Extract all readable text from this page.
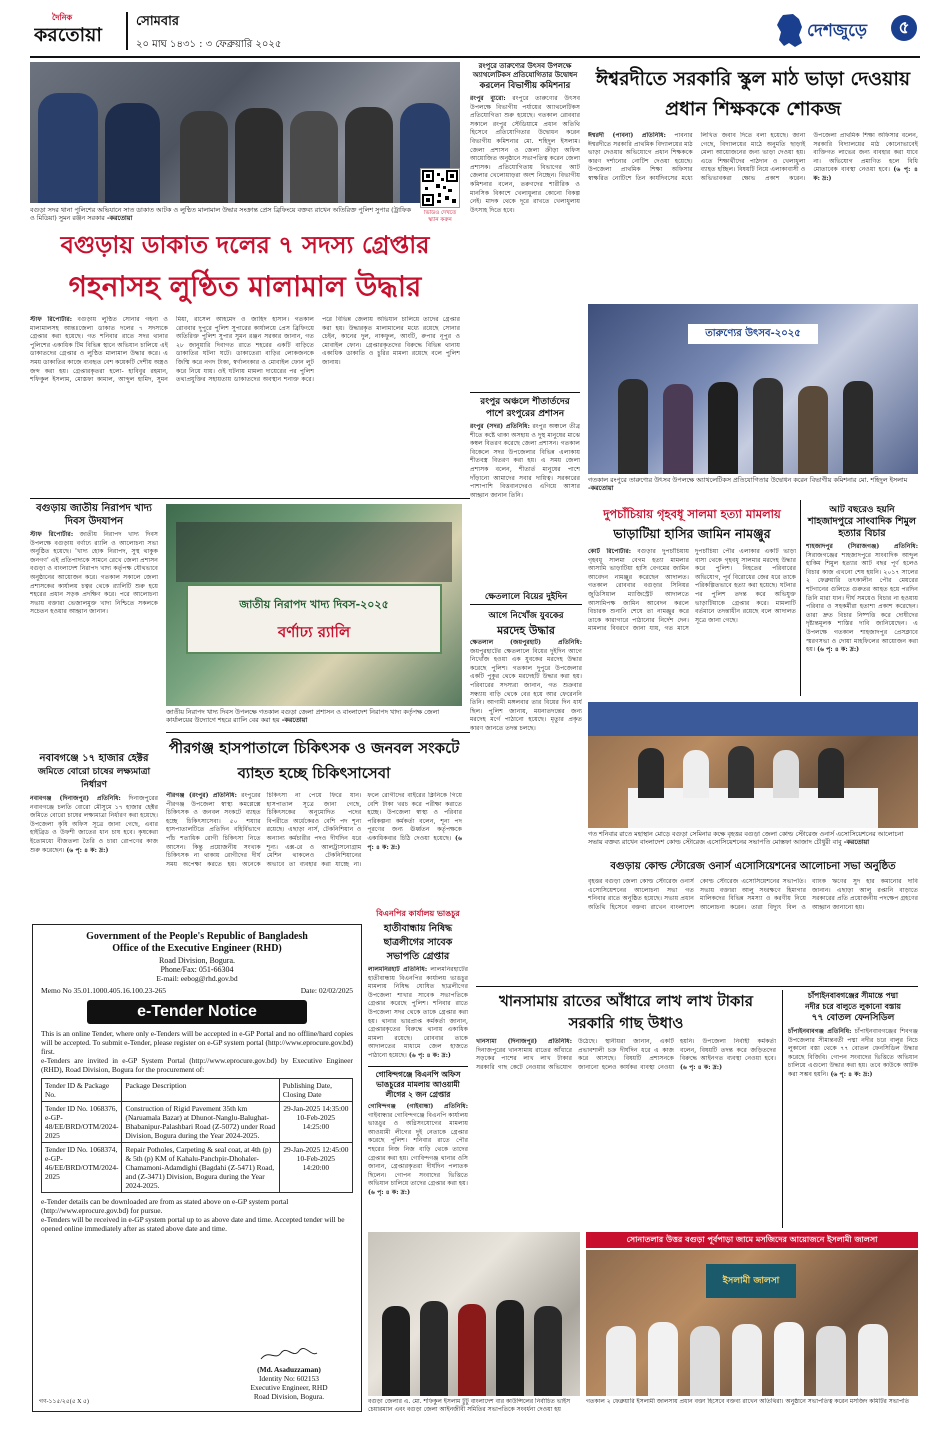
দৈনিক
করতোয়া
সোমবার
২০ মাঘ ১৪৩১ : ৩ ফেব্রুয়ারি ২০২৫
দেশজুড়ে	৫
ভিডিও দেখতে স্ক্যান করুন
বগুড়া সদর থানা পুলিশের অভিযানে সাত ডাকাত আটক ও লুণ্ঠিত মালামাল উদ্ধার সংক্রান্ত প্রেস ব্রিফিংয়ে বক্তব্য রাখেন অতিরিক্ত পুলিশ সুপার (ট্রাফিক ও মিডিয়া) সুমন রঞ্জন সরকার -করতোয়া
বগুড়ায় ডাকাত দলের ৭ সদস্য গ্রেপ্তার
গহনাসহ লুণ্ঠিত মালামাল উদ্ধার
স্টাফ রিপোর্টার: বগুড়ায় লুণ্ঠিত সোনার গহনা ও মালামালসহ আন্তঃজেলা ডাকাত দলের ৭ সদস্যকে গ্রেপ্তার করা হয়েছে। গত শনিবার রাতে সদর থানার পুলিশের একাধিক টিম বিভিন্ন স্থানে অভিযান চালিয়ে এই ডাকাতদের গ্রেপ্তার ও লুণ্ঠিত মালামাল উদ্ধার করে। এ সময় ডাকাতির কাজে ব্যবহৃত বেশ কয়েকটি দেশীয় অস্ত্রও জব্দ করা হয়। গ্রেপ্তারকৃতরা হলো- হাবিবুর রহমান, শফিকুল ইসলাম, মোস্তফা কামাল, আব্দুল হামিদ, সুমন মিয়া, রাসেল আহমেদ ও জাহিদ হাসান। গতকাল রোববার দুপুরে পুলিশ সুপারের কার্যালয়ে প্রেস ব্রিফিংয়ে অতিরিক্ত পুলিশ সুপার সুমন রঞ্জন সরকার জানান, গত ২৮ জানুয়ারি দিবাগত রাতে শহরের একটি বাড়িতে ডাকাতির ঘটনা ঘটে। ডাকাতেরা বাড়ির লোকজনকে জিম্মি করে নগদ টাকা, স্বর্ণালংকার ও মোবাইল ফোন লুট করে নিয়ে যায়। ওই ঘটনায় মামলা দায়েরের পর পুলিশ তথ্যপ্রযুক্তির সহায়তায় ডাকাতদের অবস্থান শনাক্ত করে। পরে বিভিন্ন জেলায় অভিযান চালিয়ে তাদের গ্রেপ্তার করা হয়। উদ্ধারকৃত মালামালের মধ্যে রয়েছে সোনার চেইন, কানের দুল, নাকফুল, আংটি, রুপার নূপুর ও মোবাইল ফোন। গ্রেপ্তারকৃতদের বিরুদ্ধে বিভিন্ন থানায় একাধিক ডাকাতি ও চুরির মামলা রয়েছে বলে পুলিশ জানায়।
রংপুরে তারুণ্যের উৎসব উপলক্ষে অ্যাথলেটিকস প্রতিযোগিতার উদ্বোধন
করলেন বিভাগীয় কমিশনার
রংপুর ব্যুরো: রংপুরে তারুণ্যের উৎসব উপলক্ষে বিভাগীয় পর্যায়ের অ্যাথলেটিকস প্রতিযোগিতা শুরু হয়েছে। গতকাল রোববার সকালে রংপুর স্টেডিয়ামে প্রধান অতিথি হিসেবে প্রতিযোগিতার উদ্বোধন করেন বিভাগীয় কমিশনার মো. শহিদুল ইসলাম। জেলা প্রশাসন ও জেলা ক্রীড়া অফিস আয়োজিত অনুষ্ঠানে সভাপতিত্ব করেন জেলা প্রশাসক। প্রতিযোগিতায় বিভাগের আট জেলার খেলোয়াড়রা অংশ নিচ্ছেন। বিভাগীয় কমিশনার বলেন, তরুণদের শারীরিক ও মানসিক বিকাশে খেলাধুলার কোনো বিকল্প নেই। মাদক থেকে দূরে রাখতে খেলাধুলায় উৎসাহ দিতে হবে।
রংপুর অঞ্চলে শীতার্তদের পাশে রংপুরের প্রশাসন
রংপুর (সদর) প্রতিনিধি: রংপুর অঞ্চলে তীব্র শীতে কষ্টে থাকা অসহায় ও দুস্থ মানুষের মাঝে কম্বল বিতরণ করেছে জেলা প্রশাসন। গতকাল বিকেলে সদর উপজেলার বিভিন্ন এলাকায় শীতবস্ত্র বিতরণ করা হয়। এ সময় জেলা প্রশাসক বলেন, শীতার্ত মানুষের পাশে দাঁড়ানো আমাদের সবার দায়িত্ব। সরকারের পাশাপাশি বিত্তবানদেরও এগিয়ে আসার আহ্বান জানান তিনি।
ঈশ্বরদীতে সরকারি স্কুল মাঠ ভাড়া দেওয়ায় প্রধান শিক্ষককে শোকজ
ঈশ্বরদী (পাবনা) প্রতিনিধি: পাবনার ঈশ্বরদীতে সরকারি প্রাথমিক বিদ্যালয়ের মাঠ ভাড়া দেওয়ার অভিযোগে প্রধান শিক্ষককে কারণ দর্শানোর নোটিশ দেওয়া হয়েছে। উপজেলা প্রাথমিক শিক্ষা অফিসার স্বাক্ষরিত নোটিশে তিন কার্যদিবসের মধ্যে লিখিত জবাব দিতে বলা হয়েছে। জানা গেছে, বিদ্যালয়ের মাঠে অনুমতি ছাড়াই মেলা আয়োজনের জন্য ভাড়া দেওয়া হয়। এতে শিক্ষার্থীদের পাঠদান ও খেলাধুলা ব্যাহত হচ্ছিল। বিষয়টি নিয়ে এলাকাবাসী ও অভিভাবকরা ক্ষোভ প্রকাশ করেন। উপজেলা প্রাথমিক শিক্ষা অফিসার বলেন, সরকারি বিদ্যালয়ের মাঠ কোনোভাবেই ব্যক্তিগত লাভের জন্য ব্যবহার করা যাবে না। অভিযোগ প্রমাণিত হলে বিধি মোতাবেক ব্যবস্থা নেওয়া হবে। (৬ পৃ: ৪ ক: দ্র:)
তারুণ্যের উৎসব-২০২৫
গতকাল রংপুরে তারুণ্যের উৎসব উপলক্ষে অ্যাথলেটিকস প্রতিযোগিতার উদ্বোধন করেন বিভাগীয় কমিশনার মো. শহিদুল ইসলাম -করতোয়া
বগুড়ায় জাতীয় নিরাপদ খাদ্য দিবস উদযাপন
স্টাফ রিপোর্টার: জাতীয় নিরাপদ খাদ্য দিবস উপলক্ষে বগুড়ায় বর্ণাঢ্য র‍্যালি ও আলোচনা সভা অনুষ্ঠিত হয়েছে। 'খাদ্য হোক নিরাপদ, সুস্থ থাকুক জনগণ' এই প্রতিপাদ্যকে সামনে রেখে জেলা প্রশাসন বগুড়া ও বাংলাদেশ নিরাপদ খাদ্য কর্তৃপক্ষ যৌথভাবে অনুষ্ঠানের আয়োজন করে। গতকাল সকালে জেলা প্রশাসকের কার্যালয় চত্বর থেকে র‍্যালিটি শুরু হয়ে শহরের প্রধান সড়ক প্রদক্ষিণ করে। পরে আলোচনা সভায় বক্তারা ভেজালমুক্ত খাদ্য নিশ্চিতে সকলকে সচেতন হওয়ার আহ্বান জানান।
জাতীয় নিরাপদ খাদ্য দিবস-২০২৫
বর্ণাঢ্য র‍্যালি
জাতীয় নিরাপদ খাদ্য দিবস উপলক্ষে গতকাল বগুড়া জেলা প্রশাসন ও বাংলাদেশ নিরাপদ খাদ্য কর্তৃপক্ষ জেলা কার্যালয়ের উদ্যোগে শহরে র‍্যালি বের করা হয় -করতোয়া
দুপচাঁচিয়ায় গৃহবধূ সালমা হত্যা মামলায়
ভাড়াটিয়া হাসির জামিন নামঞ্জুর
কোর্ট রিপোর্টার: বগুড়ার দুপচাঁচিয়ায় গৃহবধূ সালমা বেগম হত্যা মামলার আসামি ভাড়াটিয়া হাসি বেগমের জামিন আবেদন নামঞ্জুর করেছেন আদালত। গতকাল রোববার বগুড়ার সিনিয়র জুডিসিয়াল ম্যাজিস্ট্রেট আদালতে আসামিপক্ষ জামিন আবেদন করলে বিচারক শুনানি শেষে তা নামঞ্জুর করে তাকে কারাগারে পাঠানোর নির্দেশ দেন। মামলার বিবরণে জানা যায়, গত মাসে দুপচাঁচিয়া পৌর এলাকার একটি ভাড়া বাসা থেকে গৃহবধূ সালমার মরদেহ উদ্ধার করে পুলিশ। নিহতের পরিবারের অভিযোগ, পূর্ব বিরোধের জের ধরে তাকে পরিকল্পিতভাবে হত্যা করা হয়েছে। ঘটনার পর পুলিশ তদন্ত করে অভিযুক্ত ভাড়াটিয়াকে গ্রেপ্তার করে। মামলাটি বর্তমানে তদন্তাধীন রয়েছে বলে আদালত সূত্রে জানা গেছে।
আট বছরেও হয়নি
শাহজাদপুরে সাংবাদিক শিমুল হত্যার বিচার
শাহজাদপুর (সিরাজগঞ্জ) প্রতিনিধি: সিরাজগঞ্জের শাহজাদপুরে সাংবাদিক আব্দুল হাকিম শিমুল হত্যার আট বছর পূর্ণ হলেও বিচার কাজ এখনো শেষ হয়নি। ২০১৭ সালের ২ ফেব্রুয়ারি তৎকালীন পৌর মেয়রের শটগানের গুলিতে গুরুতর আহত হয়ে পরদিন তিনি মারা যান। দীর্ঘ সময়েও বিচার না হওয়ায় পরিবার ও সহকর্মীরা হতাশা প্রকাশ করেছেন। তারা দ্রুত বিচার নিষ্পত্তি করে দোষীদের দৃষ্টান্তমূলক শাস্তির দাবি জানিয়েছেন। এ উপলক্ষে গতকাল শাহজাদপুর প্রেসক্লাবে স্মরণসভা ও দোয়া মাহফিলের আয়োজন করা হয়। (৬ পৃ: ৪ ক: দ্র:)
পীরগঞ্জ হাসপাতালে চিকিৎসক ও জনবল সংকটে ব্যাহত হচ্ছে চিকিৎসাসেবা
পীরগঞ্জ (রংপুর) প্রতিনিধি: রংপুরের পীরগঞ্জ উপজেলা স্বাস্থ্য কমপ্লেক্সে চিকিৎসক ও জনবল সংকটে ব্যাহত হচ্ছে চিকিৎসাসেবা। ৫০ শয্যার হাসপাতালটিতে প্রতিদিন বহির্বিভাগে পাঁচ শতাধিক রোগী চিকিৎসা নিতে আসেন। কিন্তু প্রয়োজনীয় সংখ্যক চিকিৎসক না থাকায় রোগীদের দীর্ঘ সময় অপেক্ষা করতে হয়। অনেকে চিকিৎসা না পেয়ে ফিরে যান। হাসপাতাল সূত্রে জানা গেছে, চিকিৎসকের অনুমোদিত পদের বিপরীতে অর্ধেকেরও বেশি পদ শূন্য রয়েছে। এছাড়া নার্স, টেকনিশিয়ান ও অন্যান্য কর্মচারীর পদও দীর্ঘদিন ধরে শূন্য। এক্স-রে ও আলট্রাসনোগ্রাম মেশিন থাকলেও টেকনিশিয়ানের অভাবে তা ব্যবহার করা যাচ্ছে না। ফলে রোগীদের বাইরের ক্লিনিকে গিয়ে বেশি টাকা খরচ করে পরীক্ষা করাতে হচ্ছে। উপজেলা স্বাস্থ্য ও পরিবার পরিকল্পনা কর্মকর্তা বলেন, শূন্য পদ পূরণের জন্য ঊর্ধ্বতন কর্তৃপক্ষকে একাধিকবার চিঠি দেওয়া হয়েছে। (৬ পৃ: ৪ ক: দ্র:)
বিএনপির কার্যালয় ভাঙচুর
ক্ষেতলালে বিয়ের দুইদিন
আগে নিখোঁজ যুবকের
মরদেহ উদ্ধার
ক্ষেতলাল (জয়পুরহাট) প্রতিনিধি: জয়পুরহাটের ক্ষেতলালে বিয়ের দুইদিন আগে নিখোঁজ হওয়া এক যুবকের মরদেহ উদ্ধার করেছে পুলিশ। গতকাল দুপুরে উপজেলার একটি পুকুর থেকে মরদেহটি উদ্ধার করা হয়। পরিবারের সদস্যরা জানান, গত শুক্রবার সন্ধ্যায় বাড়ি থেকে বের হয়ে আর ফেরেননি তিনি। আগামী মঙ্গলবার তার বিয়ের দিন ধার্য ছিল। পুলিশ জানায়, ময়নাতদন্তের জন্য মরদেহ মর্গে পাঠানো হয়েছে। মৃত্যুর প্রকৃত কারণ জানতে তদন্ত চলছে।
নবাবগঞ্জে ১৭ হাজার হেক্টর
জমিতে বোরো চাষের লক্ষ্যমাত্রা নির্ধারণ
নবাবগঞ্জ (দিনাজপুর) প্রতিনিধি: দিনাজপুরের নবাবগঞ্জে চলতি বোরো মৌসুমে ১৭ হাজার হেক্টর জমিতে বোরো চাষের লক্ষ্যমাত্রা নির্ধারণ করা হয়েছে। উপজেলা কৃষি অফিস সূত্রে জানা গেছে, এবার হাইব্রিড ও উফশী জাতের ধান চাষ হবে। কৃষকেরা ইতোমধ্যে বীজতলা তৈরি ও চারা রোপণের কাজ শুরু করেছেন। (৬ পৃ: ৪ ক: দ্র:)
Government of the People's Republic of Bangladesh
Office of the Executive Engineer (RHD)
Road Division, Bogura.
Phone/Fax: 051-66304
E-mail: eebog@rhd.gov.bd
Memo No 35.01.1000.405.16.100.23-265	Date: 02/02/2025
e-Tender Notice
This is an online Tender, where only e-Tenders will be accepted in e-GP Portal and no offline/hard copies will be accepted. To submit e-Tender, please register on e-GP system portal (http://www.eprocure.gov.bd) first.
e-Tenders are invited in e-GP System Portal (http://www.eprocure.gov.bd) by Executive Engineer (RHD), Road Division, Bogura for the procurement of:
Tender ID & Package No.	Package Description	Publishing Date, Closing Date
Tender ID No. 1068376, e-GP-48/EE/BRD/OTM/2024-2025	Construction of Rigid Pavement 35th km (Naruamala Bazar) at Dhunot-Nanglu-Balughat-Bhabanipur-Palashbari Road (Z-5072) under Road Division, Bogura during the Year 2024-2025.	29-Jan-2025 14:35:00 10-Feb-2025 14:25:00
Tender ID No. 1068374, e-GP-46/EE/BRD/OTM/2024-2025	Repair Potholes, Carpeting & seal coat, at 4th (p) & 5th (p) KM of Kahalu-Panchpir-Dhohaler-Chamamoni-Adamdighi (Bagdahi (Z-5471) Road, and (Z-3471) Division, Bogura during the Year 2024-2025.	29-Jan-2025 12:45:00 10-Feb-2025 14:20:00
e-Tender details can be downloaded are from as stated above on e-GP system portal (http://www.eprocure.gov.bd) for pursue.
e-Tenders will be received in e-GP system portal up to as above date and time. Accepted tender will be opened online immediately after as stated above date and time.
(Md. Asaduzzaman)
Identity No: 602153
Executive Engineer, RHD
Road Division, Bogura.
গণ-১১৫/২৫(৫ X ৫)
হাতীবান্ধায় নিষিদ্ধ ছাত্রলীগের সাবেক সভাপতি গ্রেপ্তার
লালমনিরহাট প্রতিনিধি: লালমনিরহাটের হাতীবান্ধায় বিএনপির কার্যালয় ভাঙচুর মামলায় নিষিদ্ধ ঘোষিত ছাত্রলীগের উপজেলা শাখার সাবেক সভাপতিকে গ্রেপ্তার করেছে পুলিশ। শনিবার রাতে উপজেলা সদর থেকে তাকে গ্রেপ্তার করা হয়। থানার ভারপ্রাপ্ত কর্মকর্তা জানান, গ্রেপ্তারকৃতের বিরুদ্ধে থানায় একাধিক মামলা রয়েছে। রোববার তাকে আদালতের মাধ্যমে জেল হাজতে পাঠানো হয়েছে। (৬ পৃ: ৪ ক: দ্র:)
গোবিন্দগঞ্জে বিএনপি অফিস ভাঙচুরের মামলায় আওয়ামী লীগের ২ জন গ্রেপ্তার
গোবিন্দগঞ্জ (গাইবান্ধা) প্রতিনিধি: গাইবান্ধার গোবিন্দগঞ্জে বিএনপি কার্যালয় ভাঙচুর ও অগ্নিসংযোগের মামলায় আওয়ামী লীগের দুই নেতাকে গ্রেপ্তার করেছে পুলিশ। শনিবার রাতে পৌর শহরের নিজ নিজ বাড়ি থেকে তাদের গ্রেপ্তার করা হয়। গোবিন্দগঞ্জ থানার ওসি জানান, গ্রেপ্তারকৃতরা দীর্ঘদিন পলাতক ছিলেন। গোপন সংবাদের ভিত্তিতে অভিযান চালিয়ে তাদের গ্রেপ্তার করা হয়। (৬ পৃ: ৪ ক: দ্র:)
গত শনিবার রাতে মহাস্থান মোড়ে বগুড়া সেমিনার কক্ষে বৃহত্তর বগুড়া জেলা কোল্ড স্টোরেজ ওনার্স এসোসিয়েশনের আলোচনা সভায় বক্তব্য রাখেন বাংলাদেশ কোল্ড স্টোরেজ এসোসিয়েশনের সভাপতি মোস্তফা আজাদ চৌধুরী বাবু -করতোয়া
বগুড়ায় কোল্ড স্টোরেজ ওনার্স এসোসিয়েশনের আলোচনা সভা অনুষ্ঠিত
বৃহত্তর বগুড়া জেলা কোল্ড স্টোরেজ ওনার্স এসোসিয়েশনের আলোচনা সভা গত শনিবার রাতে অনুষ্ঠিত হয়েছে। সভায় প্রধান অতিথি হিসেবে বক্তব্য রাখেন বাংলাদেশ কোল্ড স্টোরেজ এসোসিয়েশনের সভাপতি। সভায় বক্তারা আলু সংরক্ষণে হিমাগার মালিকদের বিভিন্ন সমস্যা ও করণীয় নিয়ে আলোচনা করেন। তারা বিদ্যুৎ বিল ও ব্যাংক ঋণের সুদ হার কমানোর দাবি জানান। এছাড়া আলু রপ্তানি বাড়াতে সরকারের প্রতি প্রয়োজনীয় পদক্ষেপ গ্রহণের আহ্বান জানানো হয়।
খানসামায় রাতের আঁধারে লাখ লাখ টাকার সরকারি গাছ উধাও
খানসামা (দিনাজপুর) প্রতিনিধি: দিনাজপুরের খানসামায় রাতের আঁধারে সড়কের পাশের লাখ লাখ টাকার সরকারি গাছ কেটে নেওয়ার অভিযোগ উঠেছে। স্থানীয়রা জানান, একটি প্রভাবশালী চক্র দীর্ঘদিন ধরে এ কাজ করে আসছে। বিষয়টি প্রশাসনকে জানানো হলেও কার্যকর ব্যবস্থা নেওয়া হয়নি। উপজেলা নির্বাহী কর্মকর্তা বলেন, বিষয়টি তদন্ত করে জড়িতদের বিরুদ্ধে আইনগত ব্যবস্থা নেওয়া হবে। (৬ পৃ: ৪ ক: দ্র:)
চাঁপাইনবাবগঞ্জের সীমান্তে পদ্মা
নদীর চরে বালুতে লুকানো বস্তায়
৭৭ বোতল ফেনসিডিল
চাঁপাইনবাবগঞ্জ প্রতিনিধি: চাঁপাইনবাবগঞ্জের শিবগঞ্জ উপজেলার সীমান্তবর্তী পদ্মা নদীর চরে বালুর নিচে লুকানো বস্তা থেকে ৭৭ বোতল ফেনসিডিল উদ্ধার করেছে বিজিবি। গোপন সংবাদের ভিত্তিতে অভিযান চালিয়ে এগুলো উদ্ধার করা হয়। তবে কাউকে আটক করা সম্ভব হয়নি। (৬ পৃ: ৪ ক: দ্র:)
বগুড়া জেলার এ. মো. শফিকুল ইসলাম টুটু বাংলাদেশ বার কাউন্সিলের নির্বাচিত ভাইস চেয়ারম্যান এবং বগুড়া জেলা আইনজীবী সমিতির সভাপতিকে সংবর্ধনা দেওয়া হয়
সোনাতলার উত্তর বগুড়া পূর্বপাড়া জামে মসজিদের আয়োজনে ইসলামী জালসা
ইসলামী জালসা
গতকাল ২ ফেব্রুয়ারি ইসলামী জালসায় প্রধান বক্তা হিসেবে বক্তব্য রাখেন অতিথিরা। অনুষ্ঠানে সভাপতিত্ব করেন মসজিদ কমিটির সভাপতি
